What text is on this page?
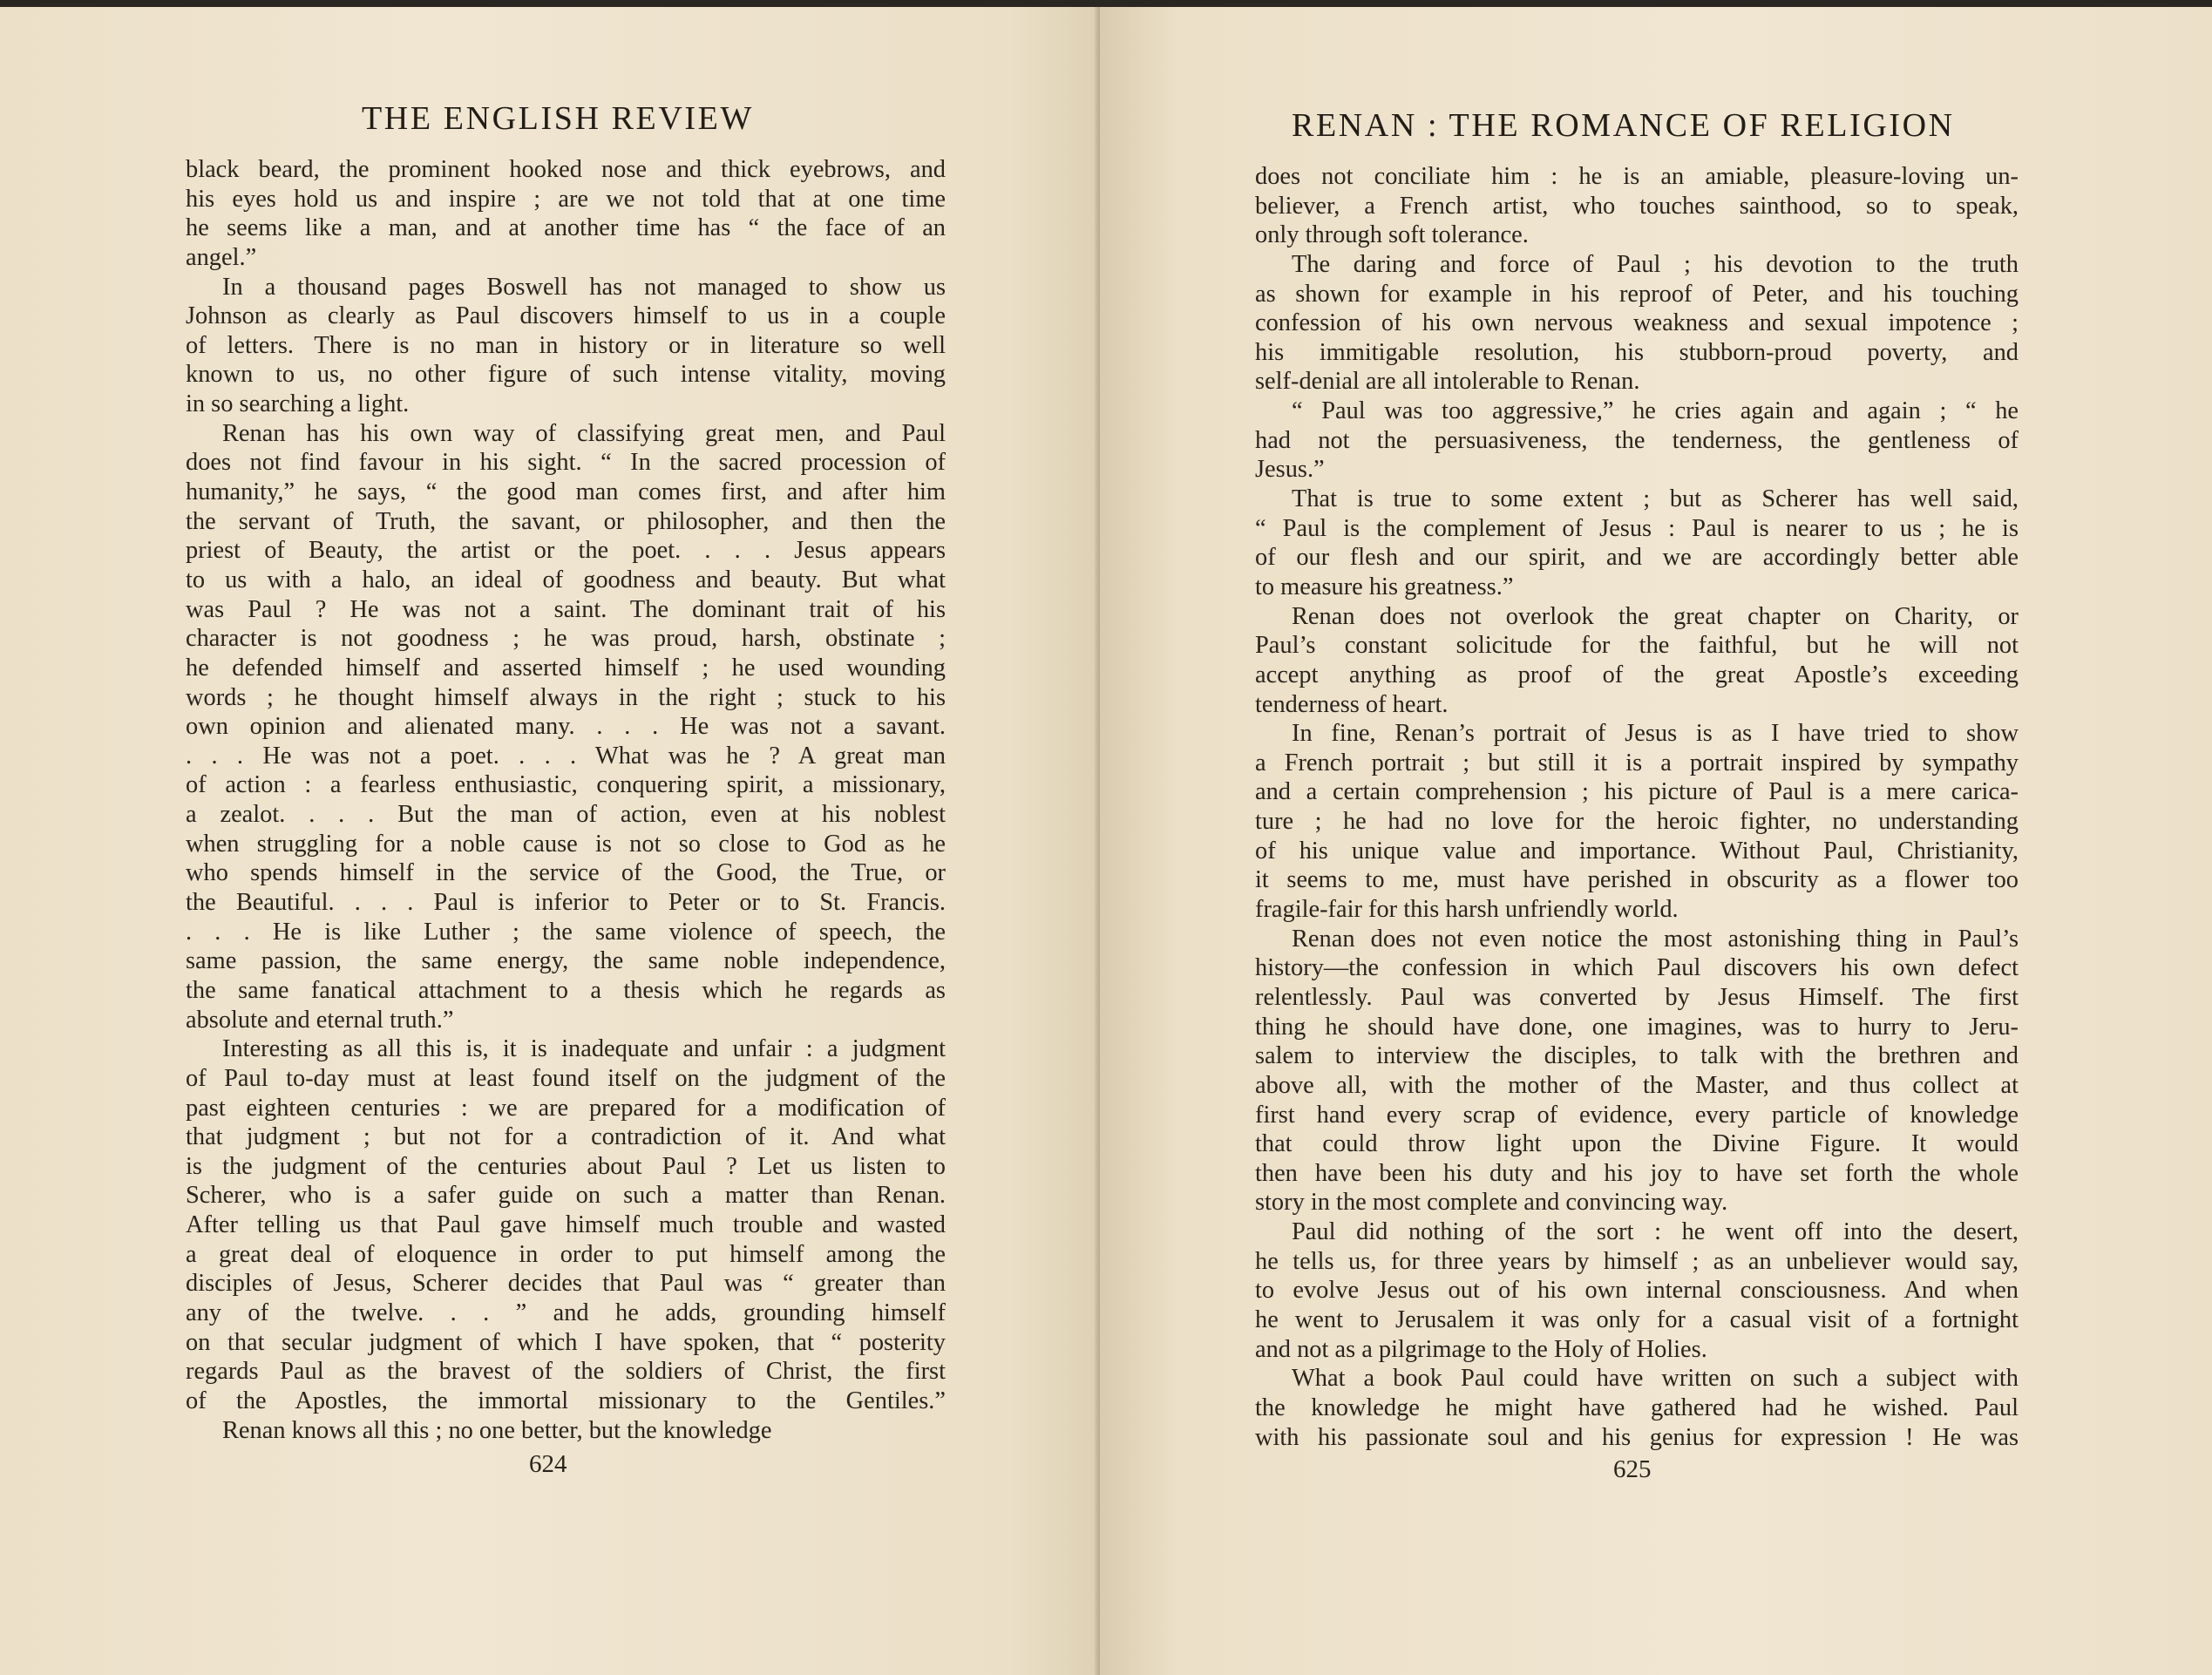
THE ENGLISH REVIEW
black beard, the prominent hooked nose and thick eyebrows, and
his eyes hold us and inspire ; are we not told that at one time
he seems like a man, and at another time has “ the face of an
angel.”
In a thousand pages Boswell has not managed to show us
Johnson as clearly as Paul discovers himself to us in a couple
of letters. There is no man in history or in literature so well
known to us, no other figure of such intense vitality, moving
in so searching a light.
Renan has his own way of classifying great men, and Paul
does not find favour in his sight. “ In the sacred procession of
humanity,” he says, “ the good man comes first, and after him
the servant of Truth, the savant, or philosopher, and then the
priest of Beauty, the artist or the poet. . . . Jesus appears
to us with a halo, an ideal of goodness and beauty. But what
was Paul ? He was not a saint. The dominant trait of his
character is not goodness ; he was proud, harsh, obstinate ;
he defended himself and asserted himself ; he used wounding
words ; he thought himself always in the right ; stuck to his
own opinion and alienated many. . . . He was not a savant.
. . . He was not a poet. . . . What was he ? A great man
of action : a fearless enthusiastic, conquering spirit, a missionary,
a zealot. . . . But the man of action, even at his noblest
when struggling for a noble cause is not so close to God as he
who spends himself in the service of the Good, the True, or
the Beautiful. . . . Paul is inferior to Peter or to St. Francis.
. . . He is like Luther ; the same violence of speech, the
same passion, the same energy, the same noble independence,
the same fanatical attachment to a thesis which he regards as
absolute and eternal truth.”
Interesting as all this is, it is inadequate and unfair : a judgment
of Paul to-day must at least found itself on the judgment of the
past eighteen centuries : we are prepared for a modification of
that judgment ; but not for a contradiction of it. And what
is the judgment of the centuries about Paul ? Let us listen to
Scherer, who is a safer guide on such a matter than Renan.
After telling us that Paul gave himself much trouble and wasted
a great deal of eloquence in order to put himself among the
disciples of Jesus, Scherer decides that Paul was “ greater than
any of the twelve. . . ” and he adds, grounding himself
on that secular judgment of which I have spoken, that “ posterity
regards Paul as the bravest of the soldiers of Christ, the first
of the Apostles, the immortal missionary to the Gentiles.”
Renan knows all this ; no one better, but the knowledge
624
RENAN : THE ROMANCE OF RELIGION
does not conciliate him : he is an amiable, pleasure-loving un-
believer, a French artist, who touches sainthood, so to speak,
only through soft tolerance.
The daring and force of Paul ; his devotion to the truth
as shown for example in his reproof of Peter, and his touching
confession of his own nervous weakness and sexual impotence ;
his immitigable resolution, his stubborn-proud poverty, and
self-denial are all intolerable to Renan.
“ Paul was too aggressive,” he cries again and again ; “ he
had not the persuasiveness, the tenderness, the gentleness of
Jesus.”
That is true to some extent ; but as Scherer has well said,
“ Paul is the complement of Jesus : Paul is nearer to us ; he is
of our flesh and our spirit, and we are accordingly better able
to measure his greatness.”
Renan does not overlook the great chapter on Charity, or
Paul’s constant solicitude for the faithful, but he will not
accept anything as proof of the great Apostle’s exceeding
tenderness of heart.
In fine, Renan’s portrait of Jesus is as I have tried to show
a French portrait ; but still it is a portrait inspired by sympathy
and a certain comprehension ; his picture of Paul is a mere carica-
ture ; he had no love for the heroic fighter, no understanding
of his unique value and importance. Without Paul, Christianity,
it seems to me, must have perished in obscurity as a flower too
fragile-fair for this harsh unfriendly world.
Renan does not even notice the most astonishing thing in Paul’s
history—the confession in which Paul discovers his own defect
relentlessly. Paul was converted by Jesus Himself. The first
thing he should have done, one imagines, was to hurry to Jeru-
salem to interview the disciples, to talk with the brethren and
above all, with the mother of the Master, and thus collect at
first hand every scrap of evidence, every particle of knowledge
that could throw light upon the Divine Figure. It would
then have been his duty and his joy to have set forth the whole
story in the most complete and convincing way.
Paul did nothing of the sort : he went off into the desert,
he tells us, for three years by himself ; as an unbeliever would say,
to evolve Jesus out of his own internal consciousness. And when
he went to Jerusalem it was only for a casual visit of a fortnight
and not as a pilgrimage to the Holy of Holies.
What a book Paul could have written on such a subject with
the knowledge he might have gathered had he wished. Paul
with his passionate soul and his genius for expression ! He was
625
